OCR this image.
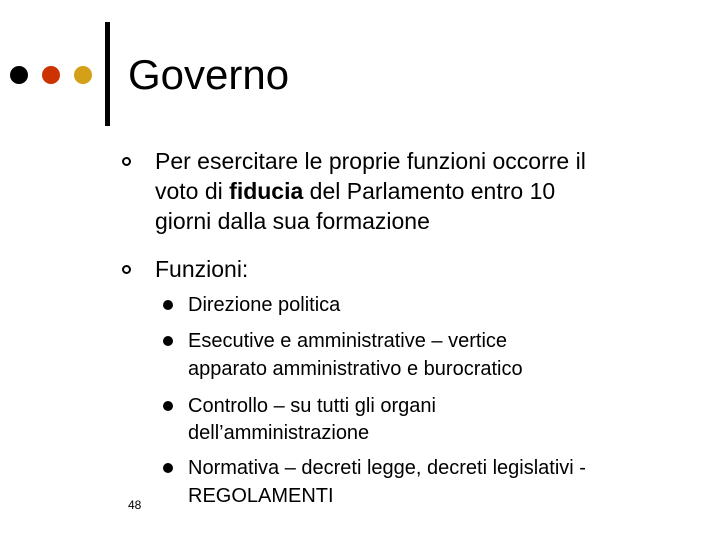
Governo
Per esercitare le proprie funzioni occorre il
voto di fiducia del Parlamento entro 10
giorni dalla sua formazione
Funzioni:
Direzione politica
Esecutive e amministrative – vertice
apparato amministrativo e burocratico
Controllo – su tutti gli organi
dell’amministrazione
Normativa – decreti legge, decreti legislativi -
REGOLAMENTI
48
